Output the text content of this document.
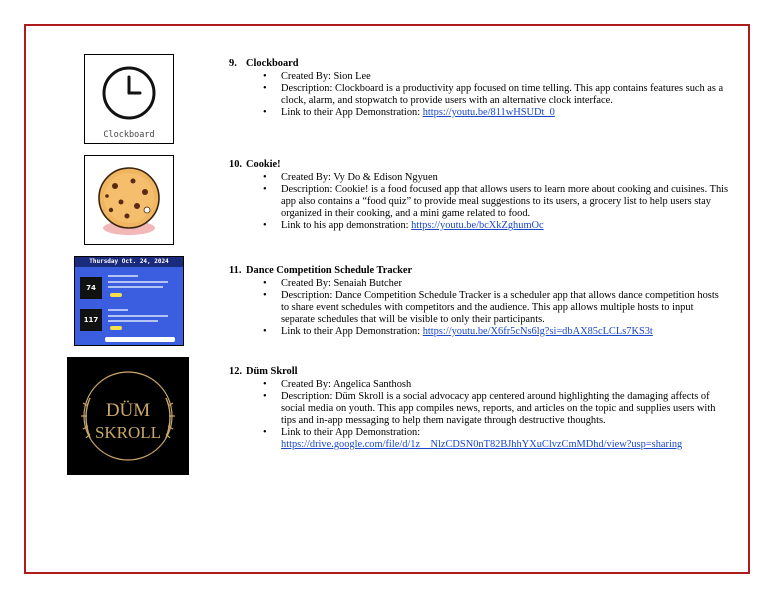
Clockboard
Thursday Oct. 24, 2024
74
117
DÜM
SKROLL
9. Clockboard
• Created By: Sion Lee
• Description: Clockboard is a productivity app focused on time telling. This app contains features such as a clock, alarm, and stopwatch to provide users with an alternative clock interface.
• Link to their App Demonstration: https://youtu.be/811wHSUDt_0
10. Cookie!
• Created By: Vy Do & Edison Ngyuen
• Description: Cookie! is a food focused app that allows users to learn more about cooking and cuisines. This app also contains a “food quiz” to provide meal suggestions to its users, a grocery list to help users stay organized in their cooking, and a mini game related to food.
• Link to his app demonstration: https://youtu.be/bcXkZghumOc
11. Dance Competition Schedule Tracker
• Created By: Senaiah Butcher
• Description: Dance Competition Schedule Tracker is a scheduler app that allows dance competition hosts to share event schedules with competitors and the audience. This app allows multiple hosts to input separate schedules that will be visible to only their participants.
• Link to their App Demonstration: https://youtu.be/X6fr5cNs6lg?si=dbAX85cLCLs7KS3t
12. Düm Skroll
• Created By: Angelica Santhosh
• Description: Düm Skroll is a social advocacy app centered around highlighting the damaging affects of social media on youth. This app compiles news, reports, and articles on the topic and supplies users with tips and in-app messaging to help them navigate through destructive thoughts.
• Link to their App Demonstration:
https://drive.google.com/file/d/1z__NlzCDSN0nT82BJhhYXuClvzCmMDhd/view?usp=sharing
